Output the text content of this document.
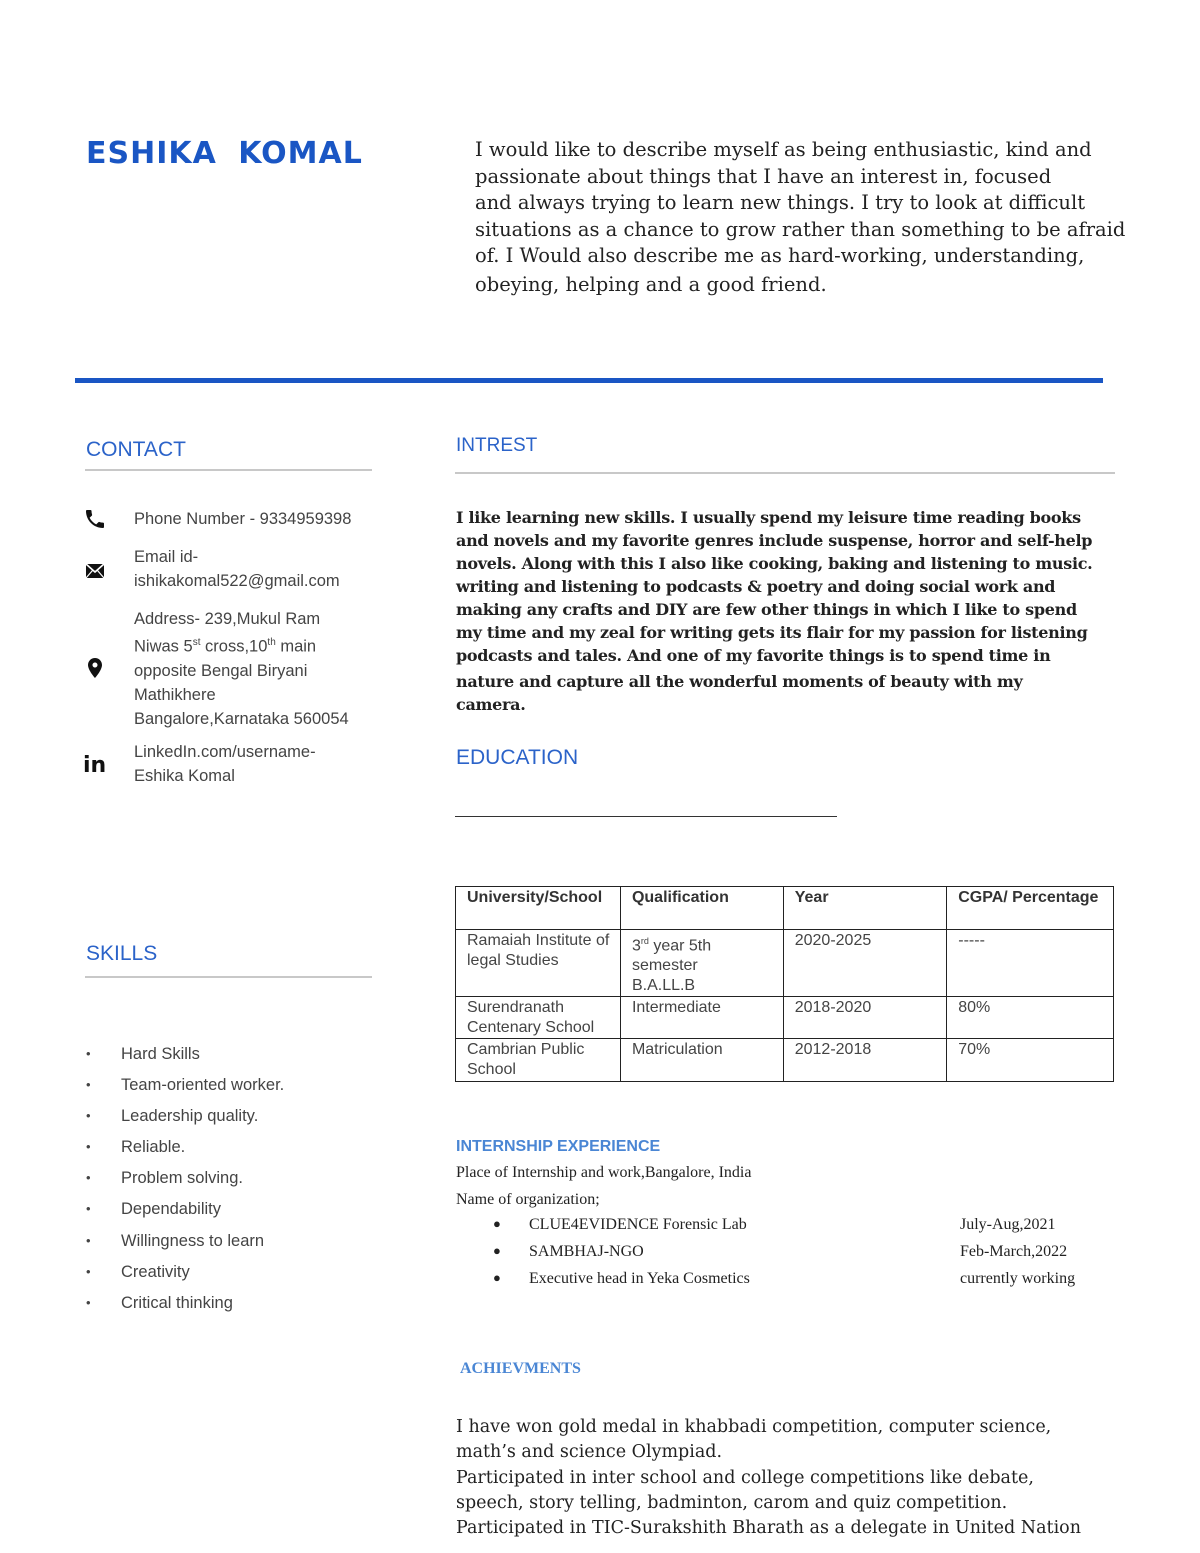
ESHIKA KOMAL	I would like to describe myself as being enthusiastic, kind and
passionate about things that I have an interest in, focused
and always trying to learn new things. I try to look at difficult
situations as a chance to grow rather than something to be afraid
of. I Would also describe me as hard-working, understanding,
obeying, helping and a good friend.
CONTACT
Phone Number - 9334959398
Email id-
ishikakomal522@gmail.com
Address- 239,Mukul Ram
Niwas 5st cross,10th main
opposite Bengal Biryani
Mathikhere
Bangalore,Karnataka 560054
in
LinkedIn.com/username-
Eshika Komal
SKILLS
• Hard Skills
• Team-oriented worker.
• Leadership quality.
• Reliable.
• Problem solving.
• Dependability
• Willingness to learn
• Creativity
• Critical thinking
INTREST
I like learning new skills. I usually spend my leisure time reading books
and novels and my favorite genres include suspense, horror and self-help
novels. Along with this I also like cooking, baking and listening to music.
writing and listening to podcasts & poetry and doing social work and
making any crafts and DIY are few other things in which I like to spend
my time and my zeal for writing gets its flair for my passion for listening
podcasts and tales. And one of my favorite things is to spend time in
nature and capture all the wonderful moments of beauty with my
camera.
EDUCATION
University/School	Qualification	Year	CGPA/ Percentage
Ramaiah Institute of legal Studies	3rd year 5th semester
B.A.LL.B	2020-2025	-----
Surendranath Centenary School	Intermediate	2018-2020	80%
Cambrian Public School	Matriculation	2012-2018	70%
INTERNSHIP EXPERIENCE
Place of Internship and work,Bangalore, India
Name of organization;
● CLUE4EVIDENCE Forensic Lab	July-Aug,2021
● SAMBHAJ-NGO	Feb-March,2022
● Executive head in Yeka Cosmetics	currently working
ACHIEVMENTS
I have won gold medal in khabbadi competition, computer science,
math’s and science Olympiad.
Participated in inter school and college competitions like debate,
speech, story telling, badminton, carom and quiz competition.
Participated in TIC-Surakshith Bharath as a delegate in United Nation
